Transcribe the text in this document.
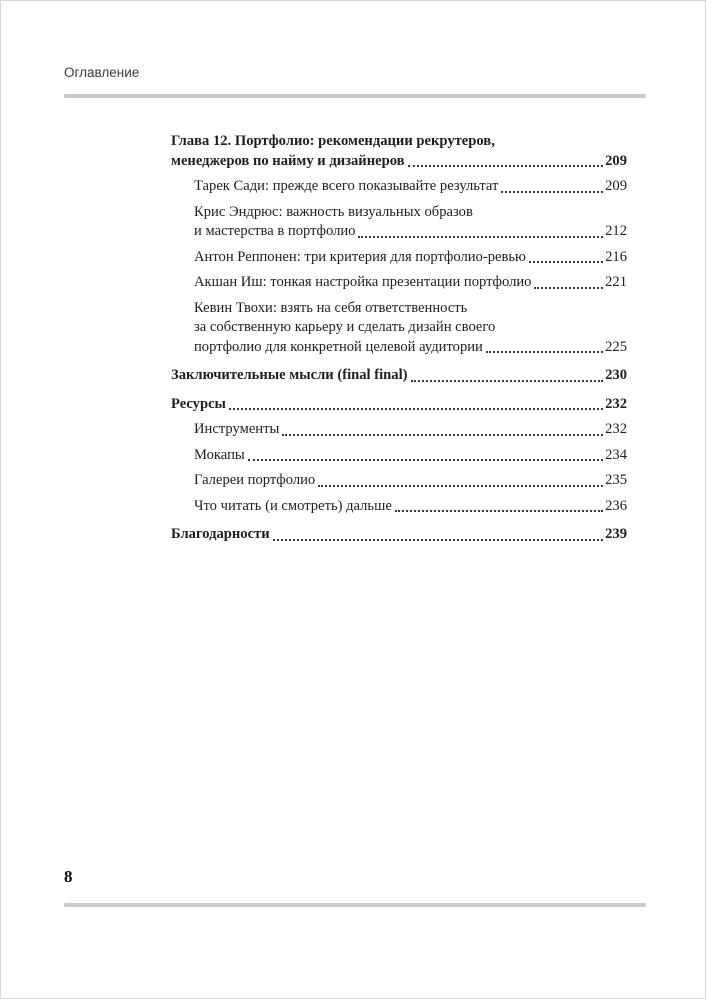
Оглавление
Глава 12. Портфолио: рекомендации рекрутеров,
менеджеров по найму и дизайнеров	209
Тарек Сади: прежде всего показывайте результат	209
Крис Эндрюс: важность визуальных образов
и мастерства в портфолио	212
Антон Реппонен: три критерия для портфолио-ревью	216
Акшан Иш: тонкая настройка презентации портфолио	221
Кевин Твохи: взять на себя ответственность
за собственную карьеру и сделать дизайн своего
портфолио для конкретной целевой аудитории	225
Заключительные мысли (final final)	230
Ресурсы	232
Инструменты	232
Мокапы	234
Галереи портфолио	235
Что читать (и смотреть) дальше	236
Благодарности	239
8
